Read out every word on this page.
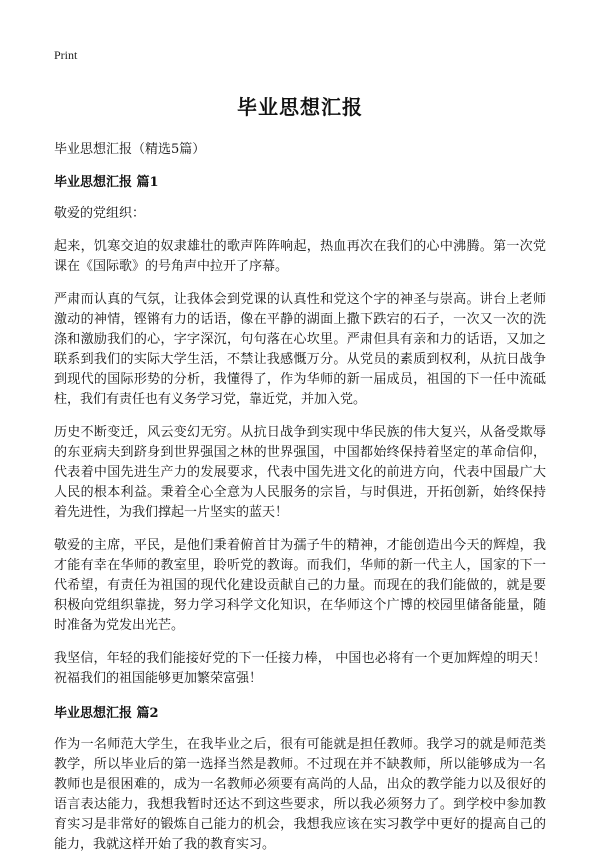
Print
毕业思想汇报

毕业思想汇报（精选5篇）

毕业思想汇报 篇1

敬爱的党组织：

起来，饥寒交迫的奴隶雄壮的歌声阵阵响起，热血再次在我们的心中沸腾。第一次党课在《国际歌》的号角声中拉开了序幕。

严肃而认真的气氛，让我体会到党课的认真性和党这个字的神圣与崇高。讲台上老师激动的神情，铿锵有力的话语，像在平静的湖面上撒下跌宕的石子，一次又一次的洗涤和激励我们的心，字字深沉，句句落在心坎里。严肃但具有亲和力的话语，又加之联系到我们的实际大学生活，不禁让我感慨万分。从党员的素质到权利，从抗日战争到现代的国际形势的分析，我懂得了，作为华师的新一届成员，祖国的下一任中流砥柱，我们有责任也有义务学习党，靠近党，并加入党。

历史不断变迁，风云变幻无穷。从抗日战争到实现中华民族的伟大复兴，从备受欺辱的东亚病夫到跻身到世界强国之林的世界强国，中国都始终保持着坚定的革命信仰，代表着中国先进生产力的发展要求，代表中国先进文化的前进方向，代表中国最广大人民的根本利益。秉着全心全意为人民服务的宗旨，与时俱进，开拓创新，始终保持着先进性，为我们撑起一片坚实的蓝天！

敬爱的主席，平民，是他们秉着俯首甘为孺子牛的精神，才能创造出今天的辉煌，我才能有幸在华师的教室里，聆听党的教诲。而我们，华师的新一代主人，国家的下一代希望，有责任为祖国的现代化建设贡献自己的力量。而现在的我们能做的，就是要积极向党组织靠拢，努力学习科学文化知识，在华师这个广博的校园里储备能量，随时准备为党发出光芒。

我坚信，年轻的我们能接好党的下一任接力棒， 中国也必将有一个更加辉煌的明天！祝福我们的祖国能够更加繁荣富强！

毕业思想汇报 篇2

作为一名师范大学生，在我毕业之后，很有可能就是担任教师。我学习的就是师范类教学，所以毕业后的第一选择当然是教师。不过现在并不缺教师，所以能够成为一名教师也是很困难的，成为一名教师必须要有高尚的人品，出众的教学能力以及很好的语言表达能力，我想我暂时还达不到这些要求，所以我必须努力了。到学校中参加教育实习是非常好的锻炼自己能力的机会，我想我应该在实习教学中更好的提高自己的能力，我就这样开始了我的教育实习。
